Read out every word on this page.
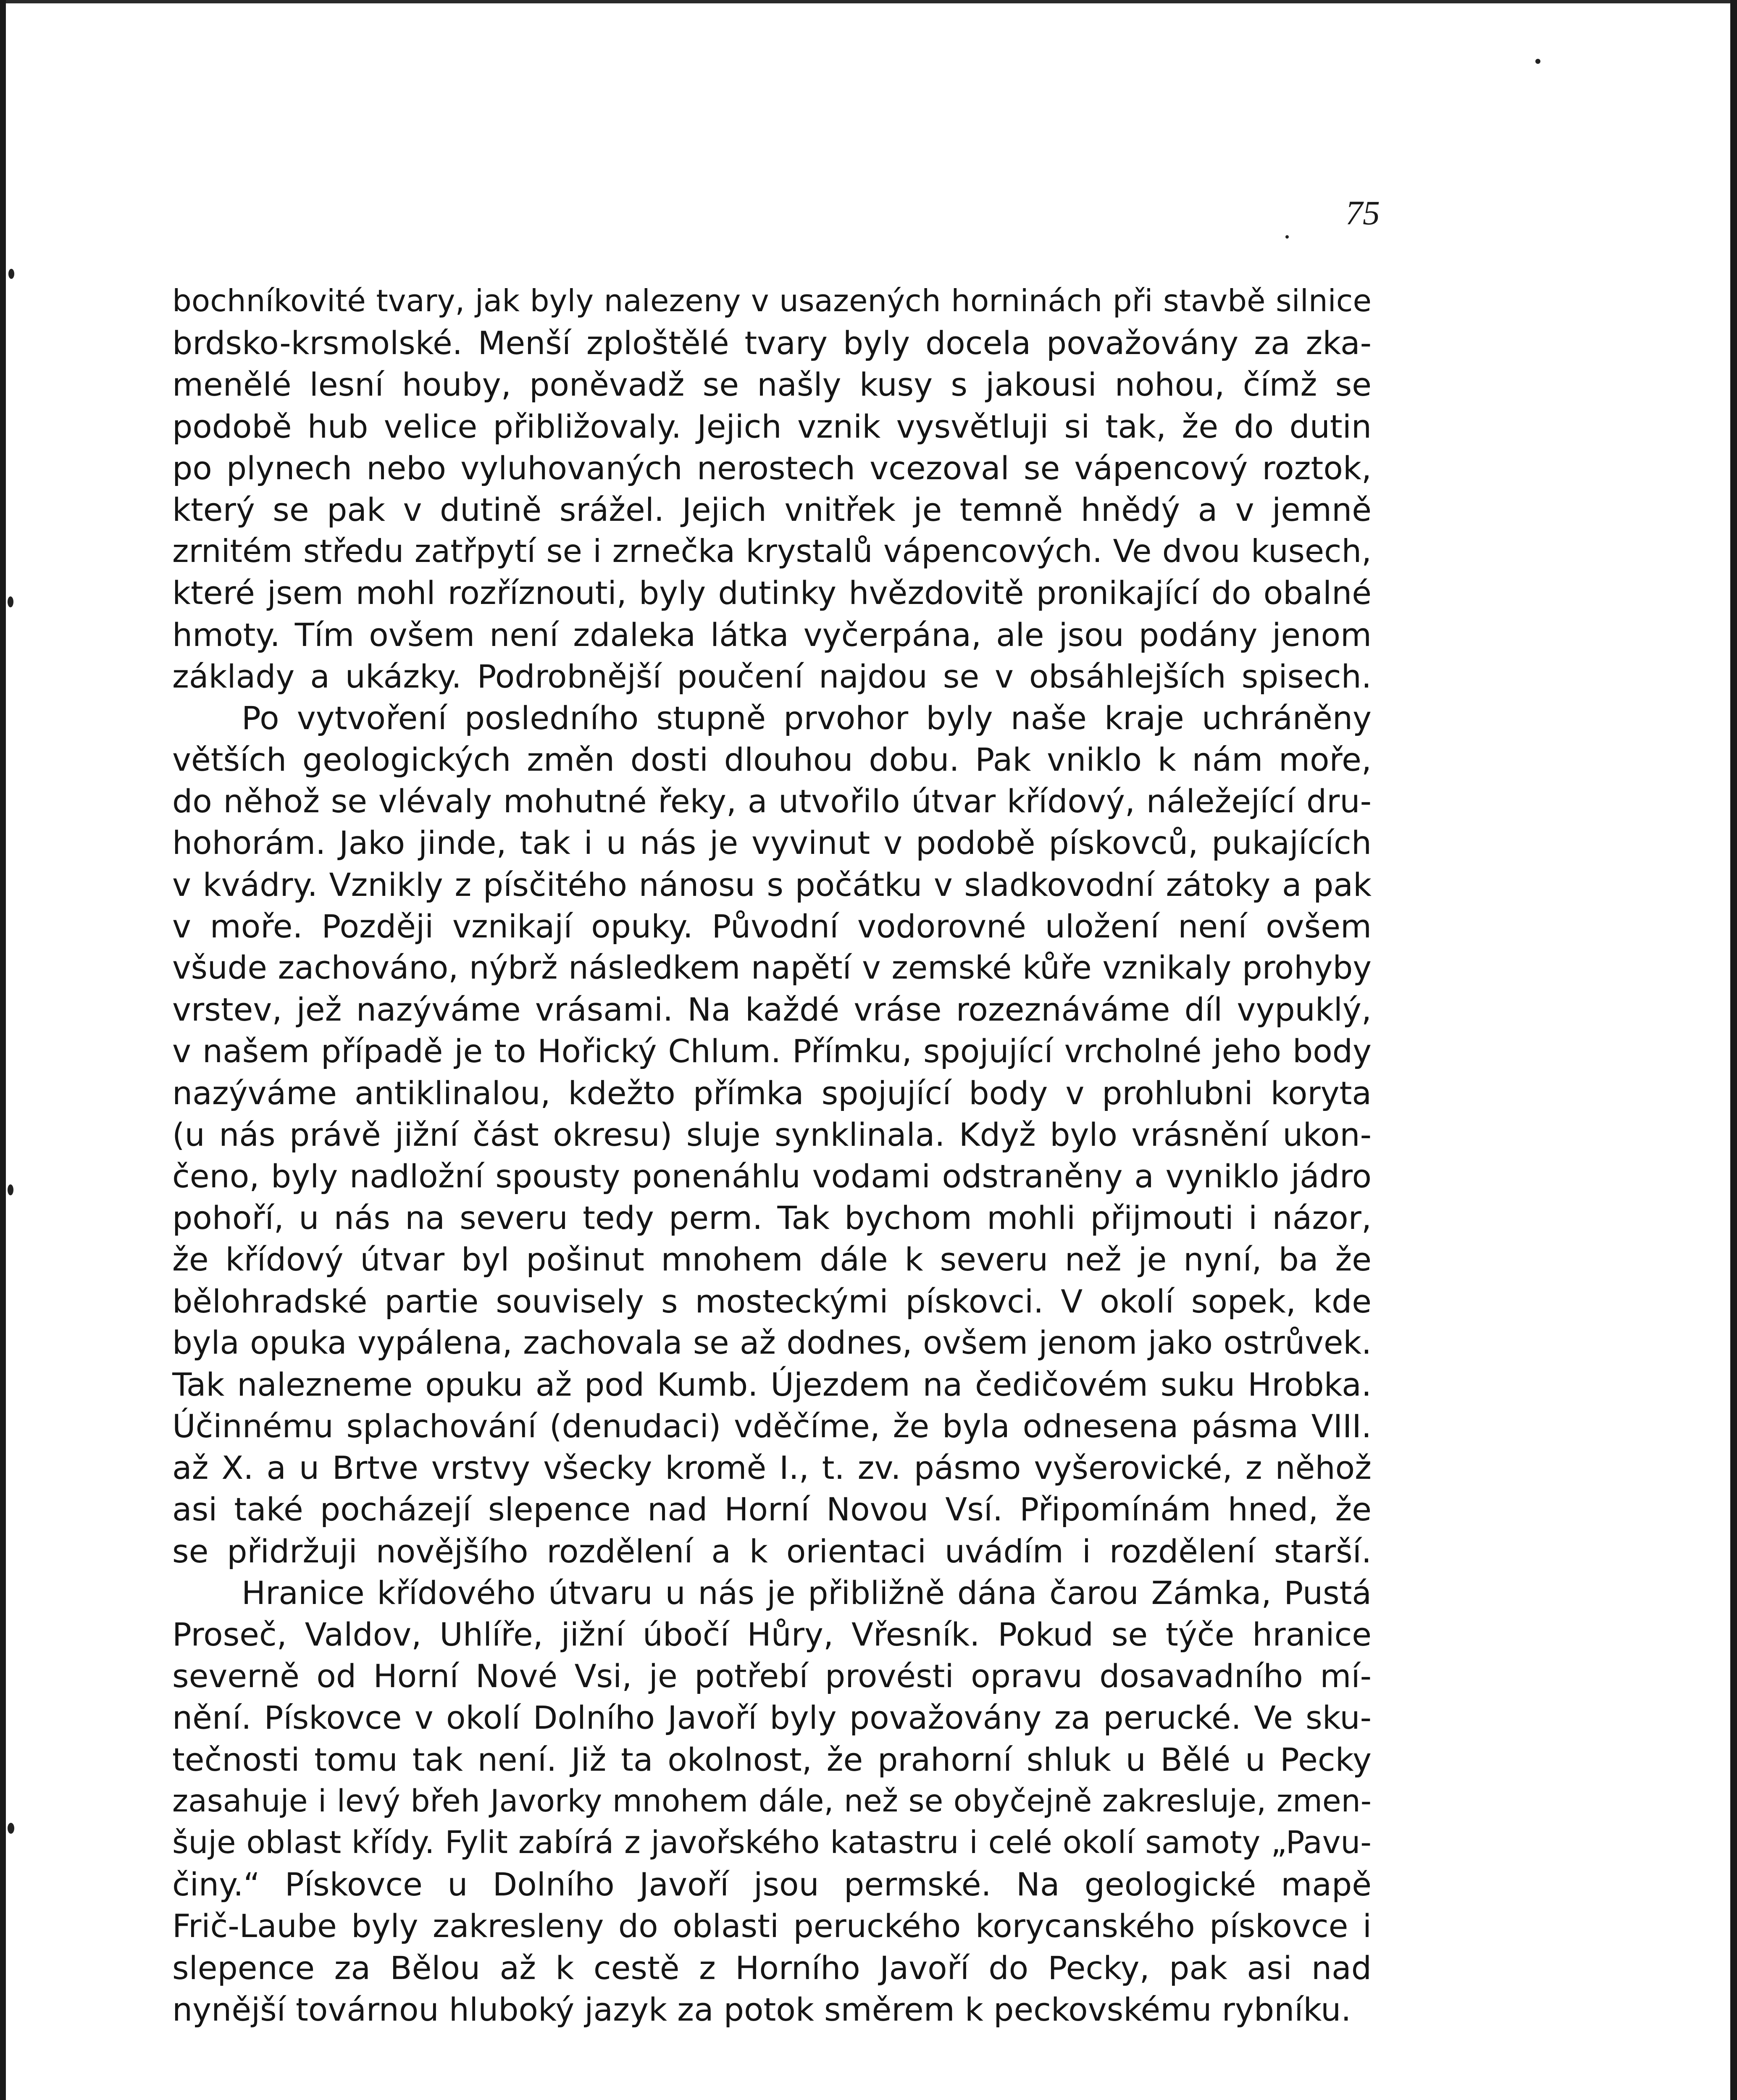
75
bochníkovité tvary, jak byly nalezeny v usazených horninách při stavbě silnice
brdsko-krsmolské. Menší zploštělé tvary byly docela považovány za zka-
menělé lesní houby, poněvadž se našly kusy s jakousi nohou, čímž se
podobě hub velice přibližovaly. Jejich vznik vysvětluji si tak, že do dutin
po plynech nebo vyluhovaných nerostech vcezoval se vápencový roztok,
který se pak v dutině srážel. Jejich vnitřek je temně hnědý a v jemně
zrnitém středu zatřpytí se i zrnečka krystalů vápencových. Ve dvou kusech,
které jsem mohl rozříznouti, byly dutinky hvězdovitě pronikající do obalné
hmoty. Tím ovšem není zdaleka látka vyčerpána, ale jsou podány jenom
základy a ukázky. Podrobnější poučení najdou se v obsáhlejších spisech.
Po vytvoření posledního stupně prvohor byly naše kraje uchráněny
větších geologických změn dosti dlouhou dobu. Pak vniklo k nám moře,
do něhož se vlévaly mohutné řeky, a utvořilo útvar křídový, náležející dru-
hohorám. Jako jinde, tak i u nás je vyvinut v podobě pískovců, pukajících
v kvádry. Vznikly z písčitého nánosu s počátku v sladkovodní zátoky a pak
v moře. Později vznikají opuky. Původní vodorovné uložení není ovšem
všude zachováno, nýbrž následkem napětí v zemské kůře vznikaly prohyby
vrstev, jež nazýváme vrásami. Na každé vráse rozeznáváme díl vypuklý,
v našem případě je to Hořický Chlum. Přímku, spojující vrcholné jeho body
nazýváme antiklinalou, kdežto přímka spojující body v prohlubni koryta
(u nás právě jižní část okresu) sluje synklinala. Když bylo vrásnění ukon-
čeno, byly nadložní spousty ponenáhlu vodami odstraněny a vyniklo jádro
pohoří, u nás na severu tedy perm. Tak bychom mohli přijmouti i názor,
že křídový útvar byl pošinut mnohem dále k severu než je nyní, ba že
bělohradské partie souvisely s mosteckými pískovci. V okolí sopek, kde
byla opuka vypálena, zachovala se až dodnes, ovšem jenom jako ostrůvek.
Tak nalezneme opuku až pod Kumb. Újezdem na čedičovém suku Hrobka.
Účinnému splachování (denudaci) vděčíme, že byla odnesena pásma VIII.
až X. a u Brtve vrstvy všecky kromě I., t. zv. pásmo vyšerovické, z něhož
asi také pocházejí slepence nad Horní Novou Vsí. Připomínám hned, že
se přidržuji novějšího rozdělení a k orientaci uvádím i rozdělení starší.
Hranice křídového útvaru u nás je přibližně dána čarou Zámka, Pustá
Proseč, Valdov, Uhlíře, jižní úbočí Hůry, Vřesník. Pokud se týče hranice
severně od Horní Nové Vsi, je potřebí provésti opravu dosavadního mí-
nění. Pískovce v okolí Dolního Javoří byly považovány za perucké. Ve sku-
tečnosti tomu tak není. Již ta okolnost, že prahorní shluk u Bělé u Pecky
zasahuje i levý břeh Javorky mnohem dále, než se obyčejně zakresluje, zmen-
šuje oblast křídy. Fylit zabírá z javořského katastru i celé okolí samoty „Pavu-
činy.“ Pískovce u Dolního Javoří jsou permské. Na geologické mapě
Frič-Laube byly zakresleny do oblasti peruckého korycanského pískovce i
slepence za Bělou až k cestě z Horního Javoří do Pecky, pak asi nad
nynější továrnou hluboký jazyk za potok směrem k peckovskému rybníku.
